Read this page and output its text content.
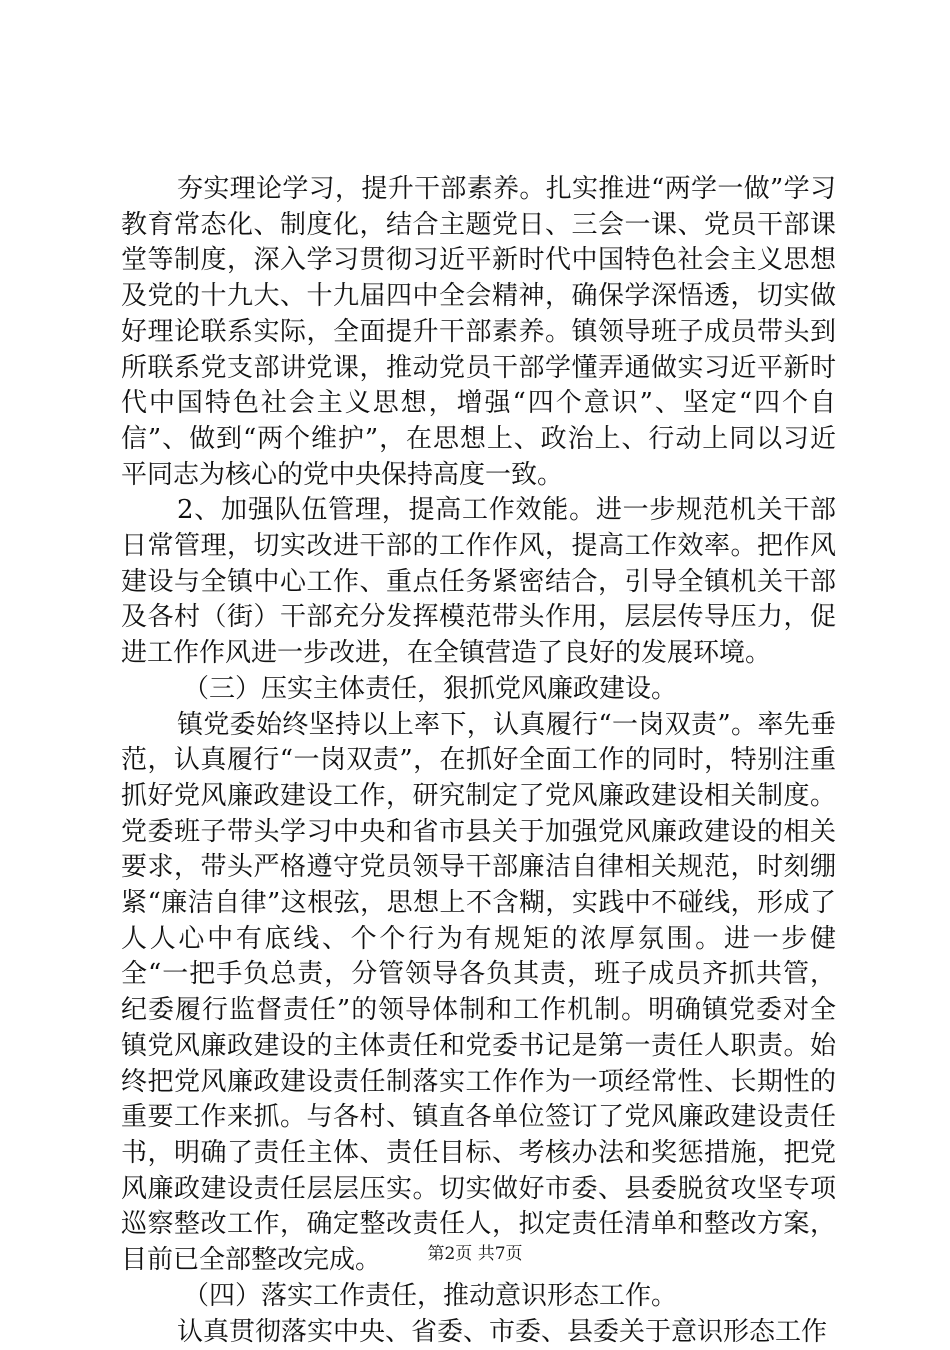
夯实理论学习，提升干部素养。扎实推进“两学一做”学习教育常态化、制度化，结合主题党日、三会一课、党员干部课堂等制度，深入学习贯彻习近平新时代中国特色社会主义思想及党的十九大、十九届四中全会精神，确保学深悟透，切实做好理论联系实际，全面提升干部素养。镇领导班子成员带头到所联系党支部讲党课，推动党员干部学懂弄通做实习近平新时代中国特色社会主义思想，增强“四个意识”、坚定“四个自信”、做到“两个维护”，在思想上、政治上、行动上同以习近平同志为核心的党中央保持高度一致。

2、加强队伍管理，提高工作效能。进一步规范机关干部日常管理，切实改进干部的工作作风，提高工作效率。把作风建设与全镇中心工作、重点任务紧密结合，引导全镇机关干部及各村（街）干部充分发挥模范带头作用，层层传导压力，促进工作作风进一步改进，在全镇营造了良好的发展环境。

（三）压实主体责任，狠抓党风廉政建设。

镇党委始终坚持以上率下，认真履行“一岗双责”。率先垂范，认真履行“一岗双责”，在抓好全面工作的同时，特别注重抓好党风廉政建设工作，研究制定了党风廉政建设相关制度。党委班子带头学习中央和省市县关于加强党风廉政建设的相关要求，带头严格遵守党员领导干部廉洁自律相关规范，时刻绷紧“廉洁自律”这根弦，思想上不含糊，实践中不碰线，形成了人人心中有底线、个个行为有规矩的浓厚氛围。进一步健全“一把手负总责，分管领导各负其责，班子成员齐抓共管，纪委履行监督责任”的领导体制和工作机制。明确镇党委对全镇党风廉政建设的主体责任和党委书记是第一责任人职责。始终把党风廉政建设责任制落实工作作为一项经常性、长期性的重要工作来抓。与各村、镇直各单位签订了党风廉政建设责任书，明确了责任主体、责任目标、考核办法和奖惩措施，把党风廉政建设责任层层压实。切实做好市委、县委脱贫攻坚专项巡察整改工作，确定整改责任人，拟定责任清单和整改方案，目前已全部整改完成。

（四）落实工作责任，推动意识形态工作。

认真贯彻落实中央、省委、市委、县委关于意识形态工作

第2页 共7页
